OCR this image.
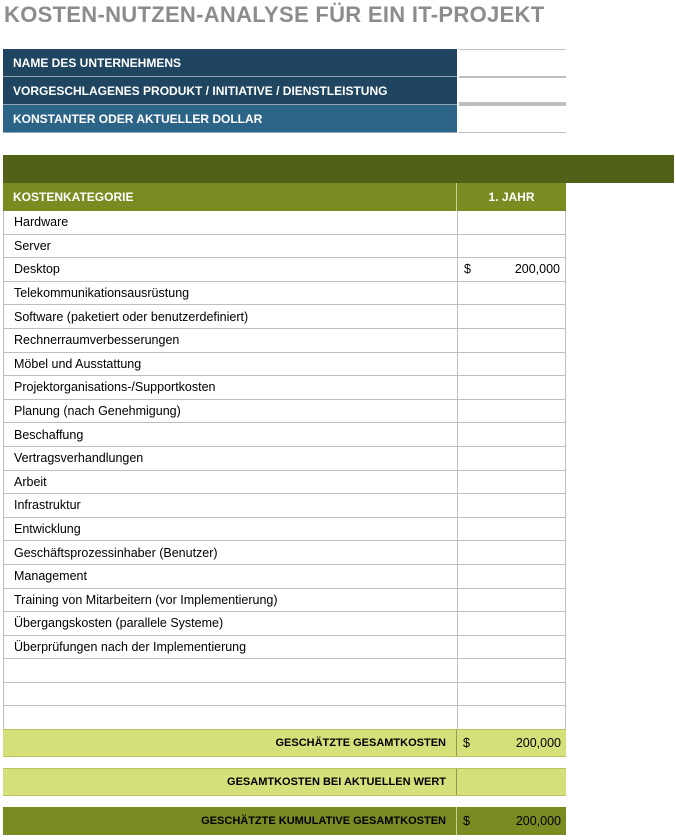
KOSTEN-NUTZEN-ANALYSE FÜR EIN IT-PROJEKT
NAME DES UNTERNEHMENS
VORGESCHLAGENES PRODUKT / INITIATIVE / DIENSTLEISTUNG
KONSTANTER ODER AKTUELLER DOLLAR
KOSTENKATEGORIE	1. JAHR
Hardware
Server
Desktop	$	200,000
Telekommunikationsausrüstung
Software (paketiert oder benutzerdefiniert)
Rechnerraumverbesserungen
Möbel und Ausstattung
Projektorganisations-/Supportkosten
Planung (nach Genehmigung)
Beschaffung
Vertragsverhandlungen
Arbeit
Infrastruktur
Entwicklung
Geschäftsprozessinhaber (Benutzer)
Management
Training von Mitarbeitern (vor Implementierung)
Übergangskosten (parallele Systeme)
Überprüfungen nach der Implementierung
GESCHÄTZTE GESAMTKOSTEN	$	200,000
GESAMTKOSTEN BEI AKTUELLEN WERT
GESCHÄTZTE KUMULATIVE GESAMTKOSTEN	$	200,000
